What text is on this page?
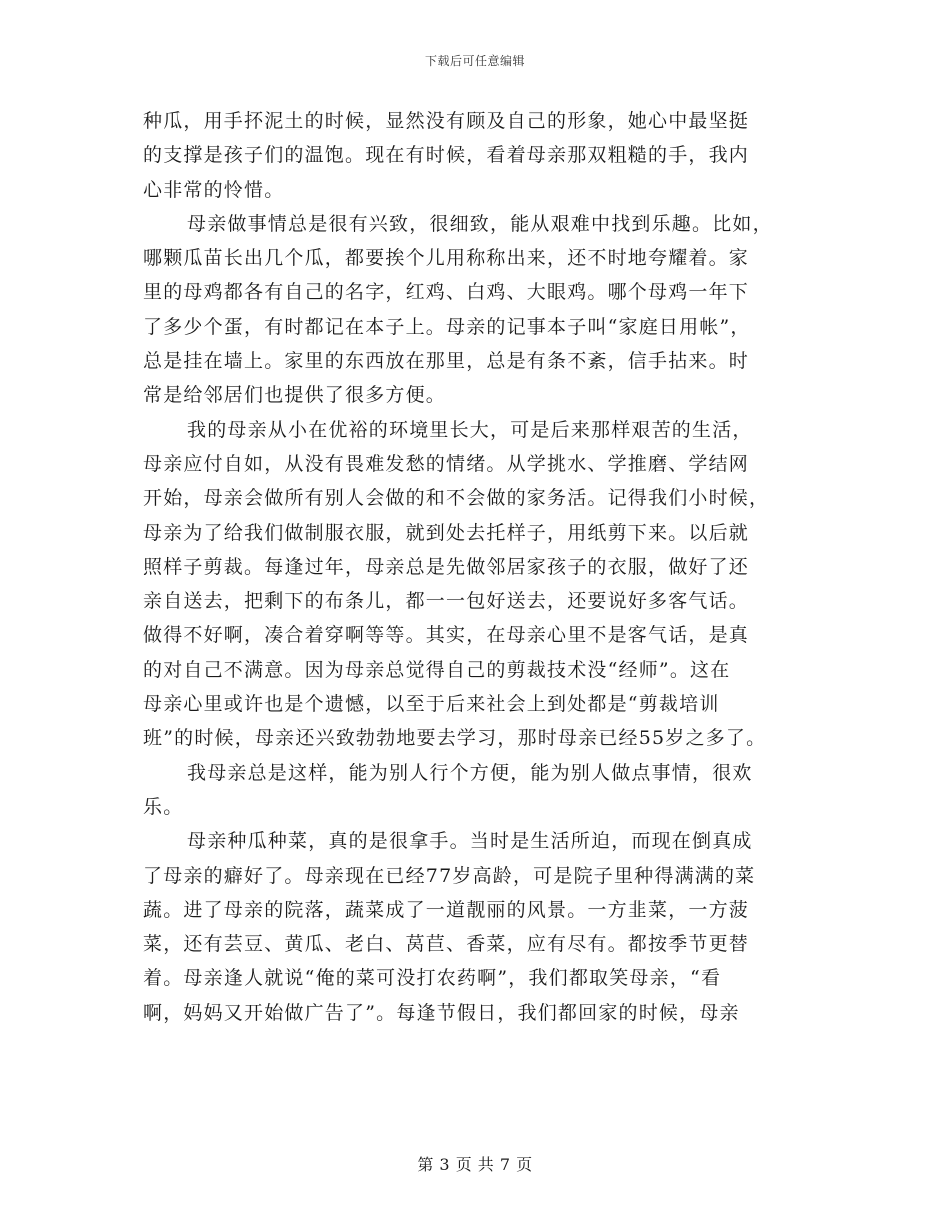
下载后可任意编辑
种瓜，用手抔泥土的时候，显然没有顾及自己的形象，她心中最坚挺
的支撑是孩子们的温饱。现在有时候，看着母亲那双粗糙的手，我内
心非常的怜惜。
母亲做事情总是很有兴致，很细致，能从艰难中找到乐趣。比如，
哪颗瓜苗长出几个瓜，都要挨个儿用称称出来，还不时地夸耀着。家
里的母鸡都各有自己的名字，红鸡、白鸡、大眼鸡。哪个母鸡一年下
了多少个蛋，有时都记在本子上。母亲的记事本子叫“家庭日用帐”，
总是挂在墙上。家里的东西放在那里，总是有条不紊，信手拈来。时
常是给邻居们也提供了很多方便。
我的母亲从小在优裕的环境里长大，可是后来那样艰苦的生活，
母亲应付自如，从没有畏难发愁的情绪。从学挑水、学推磨、学结网
开始，母亲会做所有别人会做的和不会做的家务活。记得我们小时候，
母亲为了给我们做制服衣服，就到处去托样子，用纸剪下来。以后就
照样子剪裁。每逢过年，母亲总是先做邻居家孩子的衣服，做好了还
亲自送去，把剩下的布条儿，都一一包好送去，还要说好多客气话。
做得不好啊，凑合着穿啊等等。其实，在母亲心里不是客气话，是真
的对自己不满意。因为母亲总觉得自己的剪裁技术没“经师”。这在
母亲心里或许也是个遗憾，以至于后来社会上到处都是“剪裁培训
班”的时候，母亲还兴致勃勃地要去学习，那时母亲已经55岁之多了。
我母亲总是这样，能为别人行个方便，能为别人做点事情，很欢
乐。
母亲种瓜种菜，真的是很拿手。当时是生活所迫，而现在倒真成
了母亲的癖好了。母亲现在已经77岁高龄，可是院子里种得满满的菜
蔬。进了母亲的院落，蔬菜成了一道靓丽的风景。一方韭菜，一方菠
菜，还有芸豆、黄瓜、老白、莴苣、香菜，应有尽有。都按季节更替
着。母亲逢人就说“俺的菜可没打农药啊”，我们都取笑母亲，“看
啊，妈妈又开始做广告了”。每逢节假日，我们都回家的时候，母亲
第 3 页 共 7 页
